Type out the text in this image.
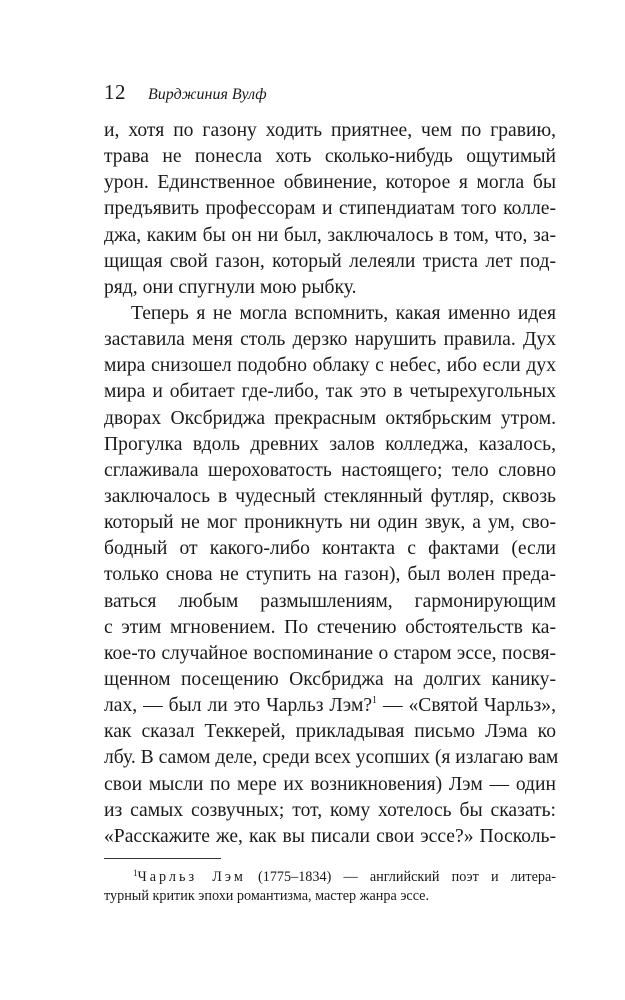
12 Вирджиния Вулф
и, хотя по газону ходить приятнее, чем по гравию,
трава не понесла хоть сколько-нибудь ощутимый
урон. Единственное обвинение, которое я могла бы
предъявить профессорам и стипендиатам того колле-
джа, каким бы он ни был, заключалось в том, что, за-
щищая свой газон, который лелеяли триста лет под-
ряд, они спугнули мою рыбку.
Теперь я не могла вспомнить, какая именно идея
заставила меня столь дерзко нарушить правила. Дух
мира снизошел подобно облаку с небес, ибо если дух
мира и обитает где-либо, так это в четырехугольных
дворах Оксбриджа прекрасным октябрьским утром.
Прогулка вдоль древних залов колледжа, казалось,
сглаживала шероховатость настоящего; тело словно
заключалось в чудесный стеклянный футляр, сквозь
который не мог проникнуть ни один звук, а ум, сво-
бодный от какого-либо контакта с фактами (если
только снова не ступить на газон), был волен преда-
ваться любым размышлениям, гармонирующим
с этим мгновением. По стечению обстоятельств ка-
кое-то случайное воспоминание о старом эссе, посвя-
щенном посещению Оксбриджа на долгих канику-
лах, — был ли это Чарльз Лэм?$^1$ — «Святой Чарльз»,
как сказал Теккерей, прикладывая письмо Лэма ко
лбу. В самом деле, среди всех усопших (я излагаю вам
свои мысли по мере их возникновения) Лэм — один
из самых созвучных; тот, кому хотелось бы сказать:
«Расскажите же, как вы писали свои эссе?» Посколь-
$^1$Чарльз Лэм (1775–1834) — английский поэт и литера-
турный критик эпохи романтизма, мастер жанра эссе.
